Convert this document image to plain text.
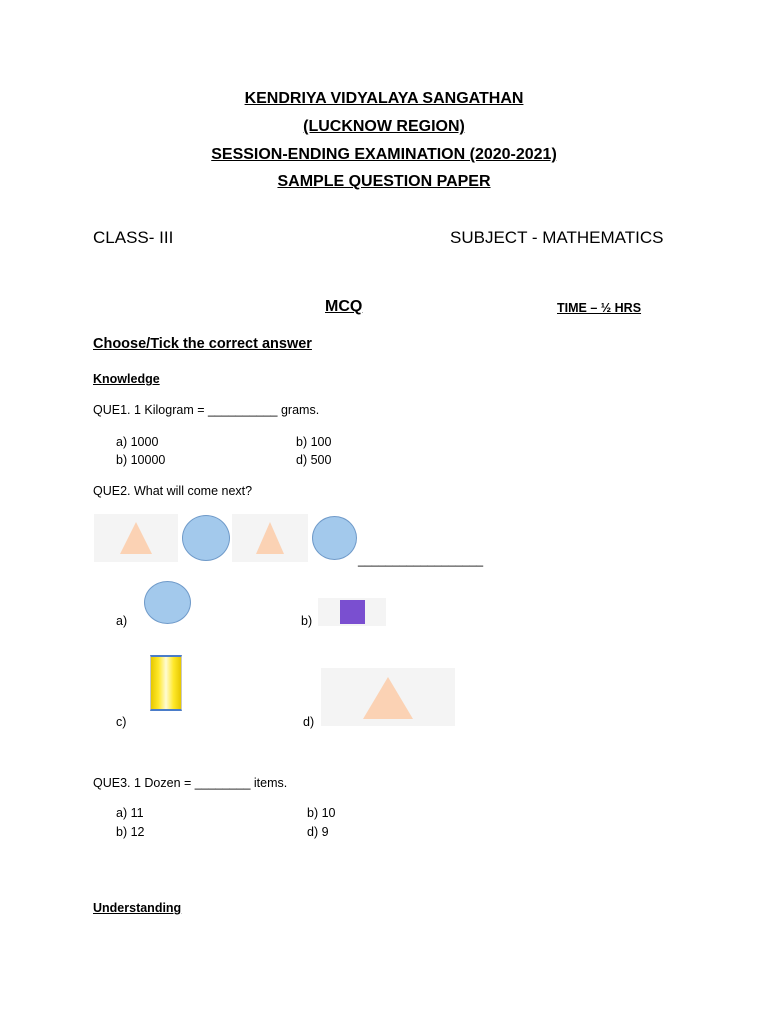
KENDRIYA VIDYALAYA SANGATHAN
(LUCKNOW REGION)
SESSION-ENDING EXAMINATION (2020-2021)
SAMPLE QUESTION PAPER
CLASS- III	SUBJECT - MATHEMATICS
MCQ	TIME – ½ HRS
Choose/Tick the correct answer
Knowledge
QUE1. 1 Kilogram = __________ grams.
a) 1000	b) 100
b) 10000	d) 500
QUE2. What will come next?
__________________
a)	b)
c)	d)
QUE3. 1 Dozen = ________ items.
a) 11	b) 10
b) 12	d) 9
Understanding
